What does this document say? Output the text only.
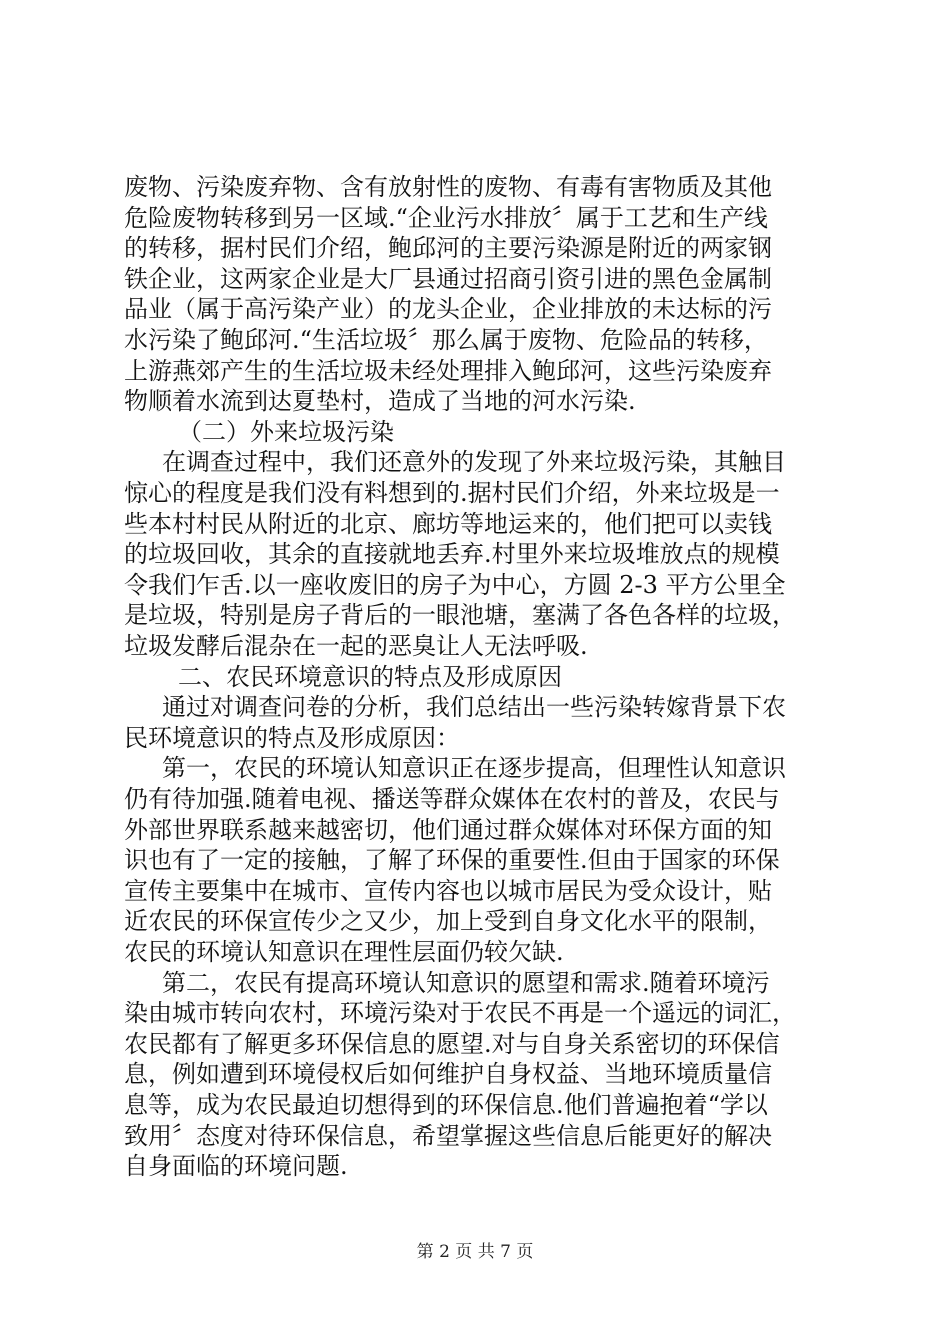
废物、污染废弃物、含有放射性的废物、有毒有害物质及其他
危险废物转移到另一区域.“企业污水排放〞属于工艺和生产线
的转移，据村民们介绍，鲍邱河的主要污染源是附近的两家钢
铁企业，这两家企业是大厂县通过招商引资引进的黑色金属制
品业（属于高污染产业）的龙头企业，企业排放的未达标的污
水污染了鲍邱河.“生活垃圾〞那么属于废物、危险品的转移，
上游燕郊产生的生活垃圾未经处理排入鲍邱河，这些污染废弃
物顺着水流到达夏垫村，造成了当地的河水污染.
（二）外来垃圾污染
在调查过程中，我们还意外的发现了外来垃圾污染，其触目
惊心的程度是我们没有料想到的.据村民们介绍，外来垃圾是一
些本村村民从附近的北京、廊坊等地运来的，他们把可以卖钱
的垃圾回收，其余的直接就地丢弃.村里外来垃圾堆放点的规模
令我们乍舌.以一座收废旧的房子为中心，方圆 2-3 平方公里全
是垃圾，特别是房子背后的一眼池塘，塞满了各色各样的垃圾，
垃圾发酵后混杂在一起的恶臭让人无法呼吸.
二、农民环境意识的特点及形成原因
通过对调查问卷的分析，我们总结出一些污染转嫁背景下农
民环境意识的特点及形成原因：
第一，农民的环境认知意识正在逐步提高，但理性认知意识
仍有待加强.随着电视、播送等群众媒体在农村的普及，农民与
外部世界联系越来越密切，他们通过群众媒体对环保方面的知
识也有了一定的接触，了解了环保的重要性.但由于国家的环保
宣传主要集中在城市、宣传内容也以城市居民为受众设计，贴
近农民的环保宣传少之又少，加上受到自身文化水平的限制，
农民的环境认知意识在理性层面仍较欠缺.
第二，农民有提高环境认知意识的愿望和需求.随着环境污
染由城市转向农村，环境污染对于农民不再是一个遥远的词汇，
农民都有了解更多环保信息的愿望.对与自身关系密切的环保信
息，例如遭到环境侵权后如何维护自身权益、当地环境质量信
息等，成为农民最迫切想得到的环保信息.他们普遍抱着“学以
致用〞态度对待环保信息，希望掌握这些信息后能更好的解决
自身面临的环境问题.
第 2 页 共 7 页
